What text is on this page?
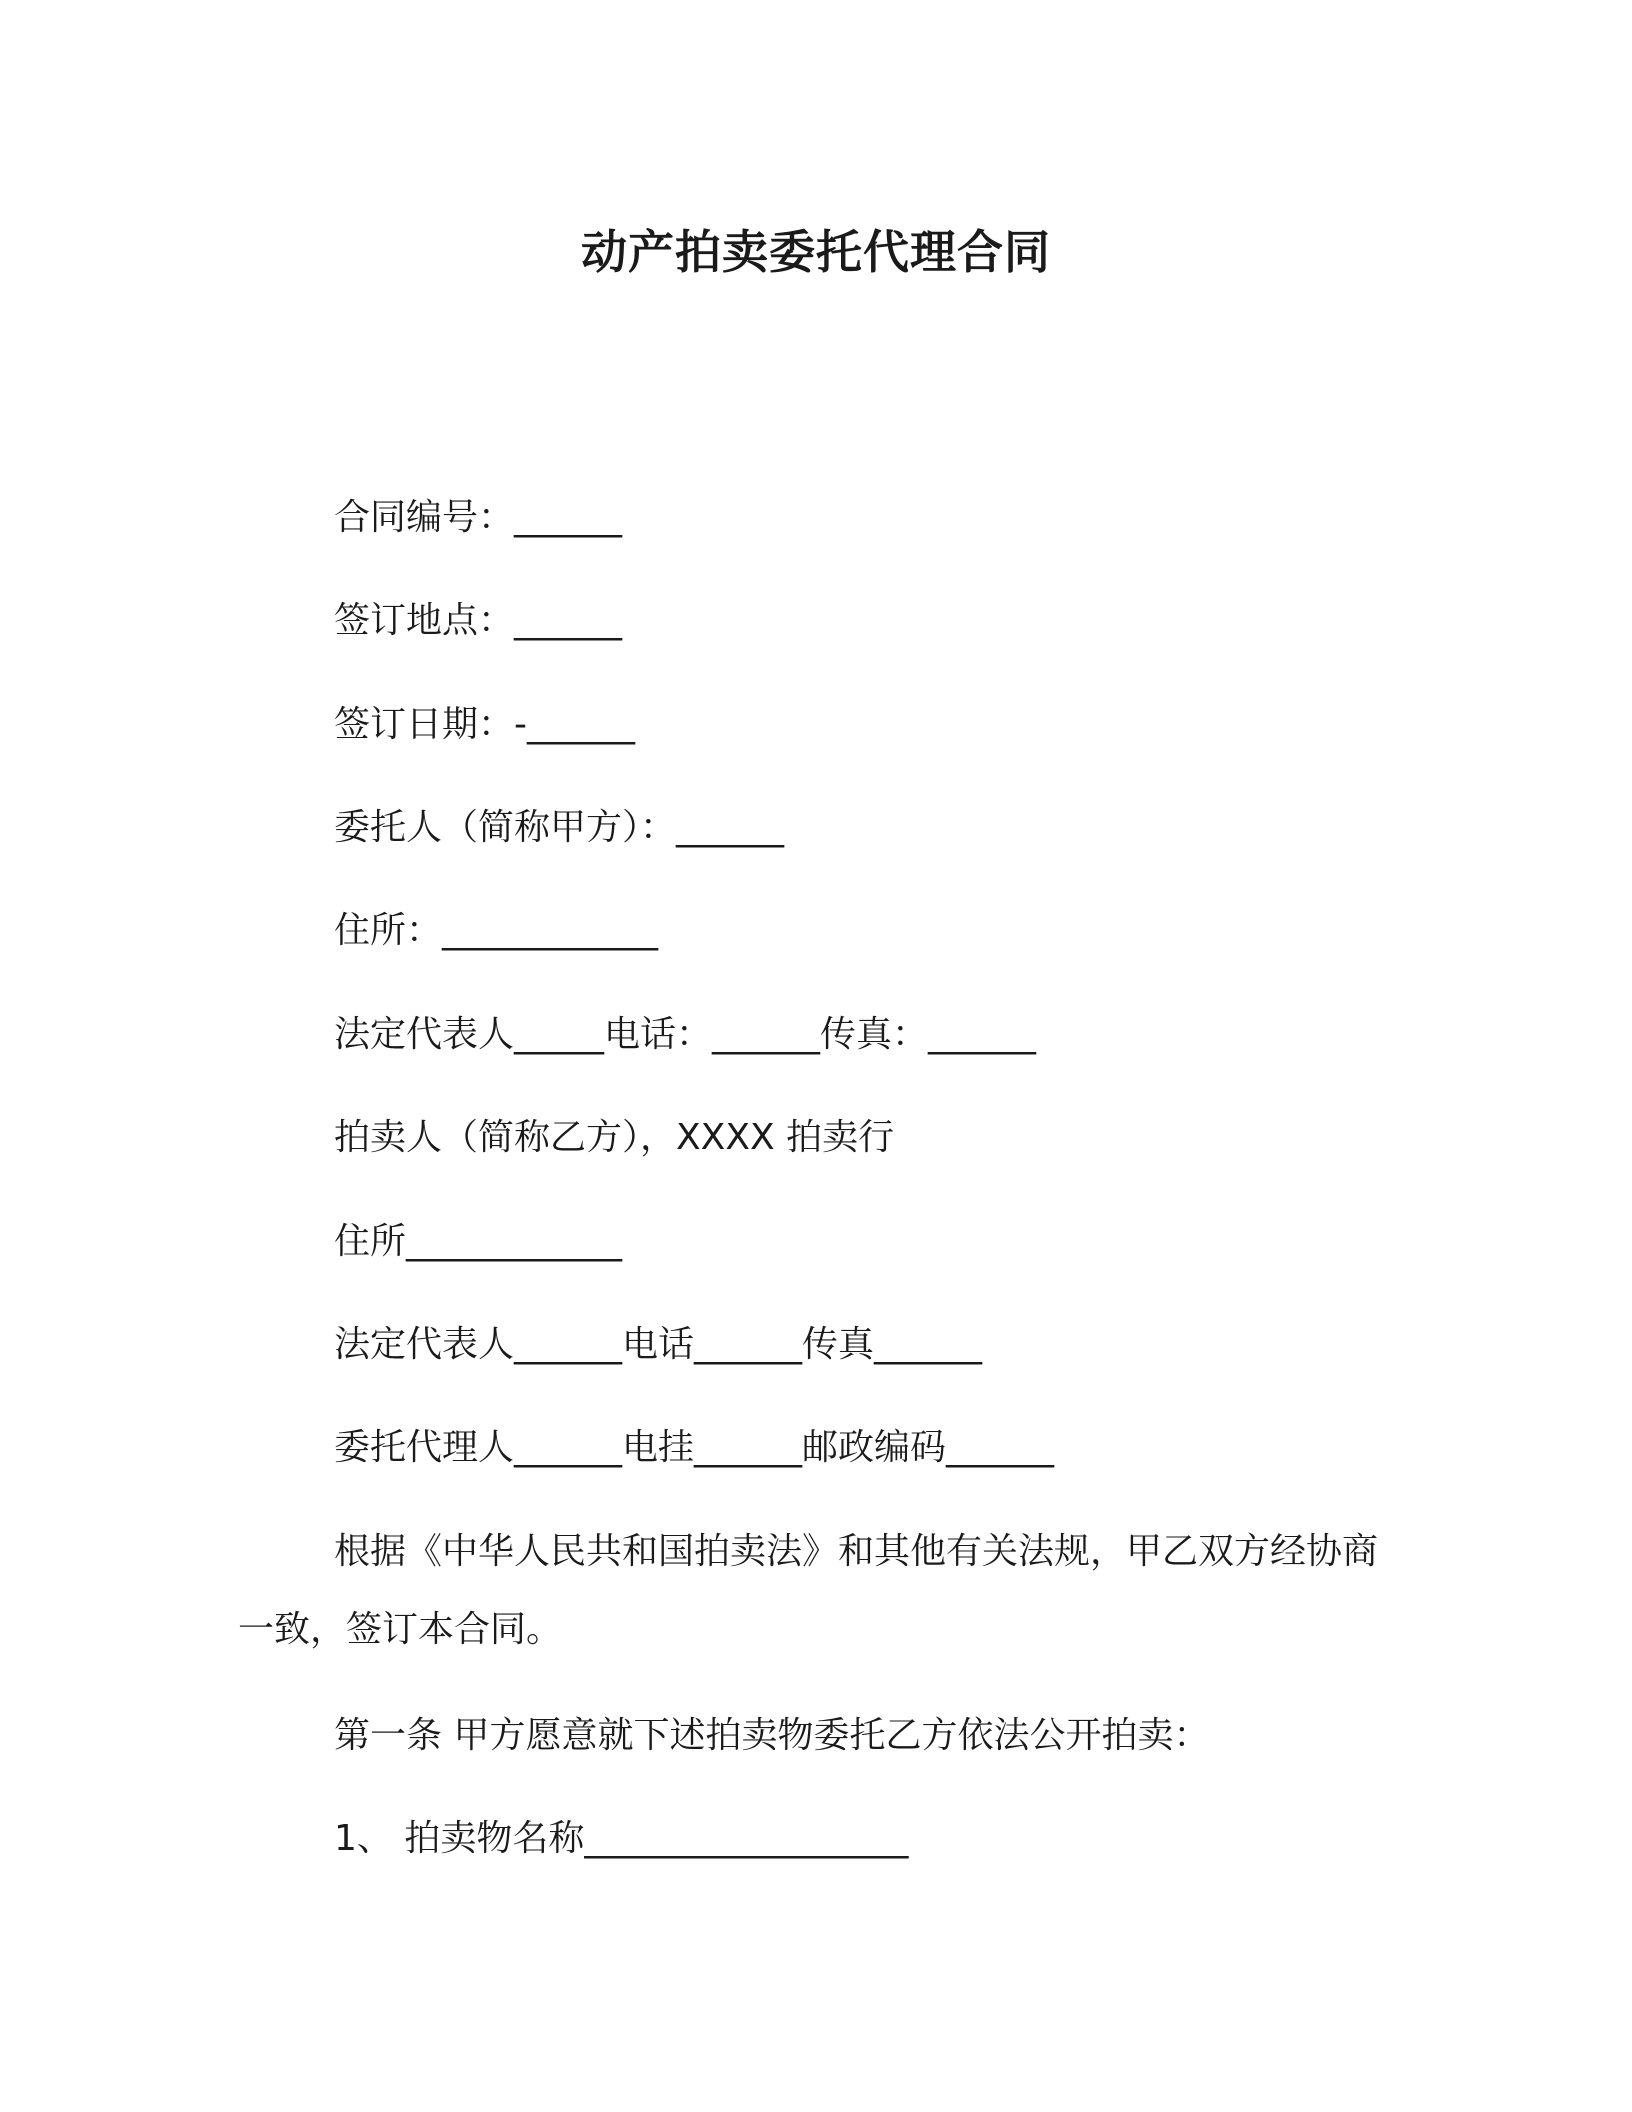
动产拍卖委托代理合同
合同编号：______
签订地点：______
签订日期：-______
委托人（简称甲方）：______
住所：____________
法定代表人_____电话：______传真：______
拍卖人（简称乙方），XXXX 拍卖行
住所____________
法定代表人______电话______传真______
委托代理人______电挂______邮政编码______
根据《中华人民共和国拍卖法》和其他有关法规，甲乙双方经协商一致，签订本合同。
第一条 甲方愿意就下述拍卖物委托乙方依法公开拍卖：
1、 拍卖物名称__________________
